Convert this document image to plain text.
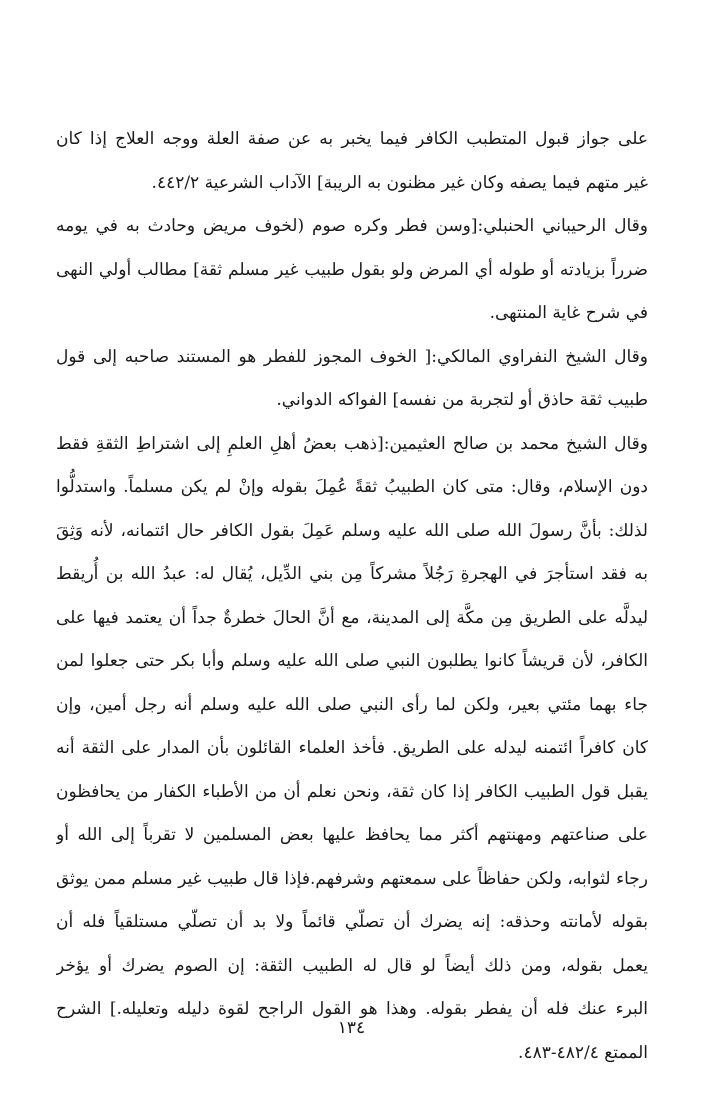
على جواز قبول المتطبب الكافر فيما يخبر به عن صفة العلة ووجه العلاج إذا كان
غير متهم فيما يصفه وكان غير مظنون به الريبة] الآداب الشرعية ٤٤٢/٢.
وقال الرحيباني الحنبلي:[وسن فطر وكره صوم (لخوف مريض وحادث به في يومه
ضرراً بزيادته أو طوله أي المرض ولو بقول طبيب غير مسلم ثقة] مطالب أولي النهى
في شرح غاية المنتهى.
وقال الشيخ النفراوي المالكي:[ الخوف المجوز للفطر هو المستند صاحبه إلى قول
طبيب ثقة حاذق أو لتجربة من نفسه] الفواكه الدواني.
وقال الشيخ محمد بن صالح العثيمين:[ذهب بعضُ أهلِ العلمِ إلى اشتراطِ الثقةِ فقط
دون الإسلام، وقال: متى كان الطبيبُ ثقةً عُمِلَ بقوله وإنْ لم يكن مسلماً. واستدلُّوا
لذلك: بأنَّ رسولَ الله صلى الله عليه وسلم عَمِلَ بقول الكافر حال ائتمانه، لأنه وَثِقَ
به فقد استأجرَ في الهجرةِ رَجُلاً مشركاً مِن بني الدِّيل، يُقال له: عبدُ الله بن أُريقط
ليدلَّه على الطريق مِن مكَّة إلى المدينة، مع أنَّ الحالَ خطرةٌ جداً أن يعتمد فيها على
الكافر، لأن قريشاً كانوا يطلبون النبي صلى الله عليه وسلم وأبا بكر حتى جعلوا لمن
جاء بهما مئتي بعير، ولكن لما رأى النبي صلى الله عليه وسلم أنه رجل أمين، وإن
كان كافراً ائتمنه ليدله على الطريق. فأخذ العلماء القائلون بأن المدار على الثقة أنه
يقبل قول الطبيب الكافر إذا كان ثقة، ونحن نعلم أن من الأطباء الكفار من يحافظون
على صناعتهم ومهنتهم أكثر مما يحافظ عليها بعض المسلمين لا تقرباً إلى الله أو
رجاء لثوابه، ولكن حفاظاً على سمعتهم وشرفهم.فإذا قال طبيب غير مسلم ممن يوثق
بقوله لأمانته وحذقه: إنه يضرك أن تصلّي قائماً ولا بد أن تصلّي مستلقياً فله أن
يعمل بقوله، ومن ذلك أيضاً لو قال له الطبيب الثقة: إن الصوم يضرك أو يؤخر
البرء عنك فله أن يفطر بقوله. وهذا هو القول الراجح لقوة دليله وتعليله.] الشرح
الممتع ٤٨٢/٤-٤٨٣.
١٣٤
